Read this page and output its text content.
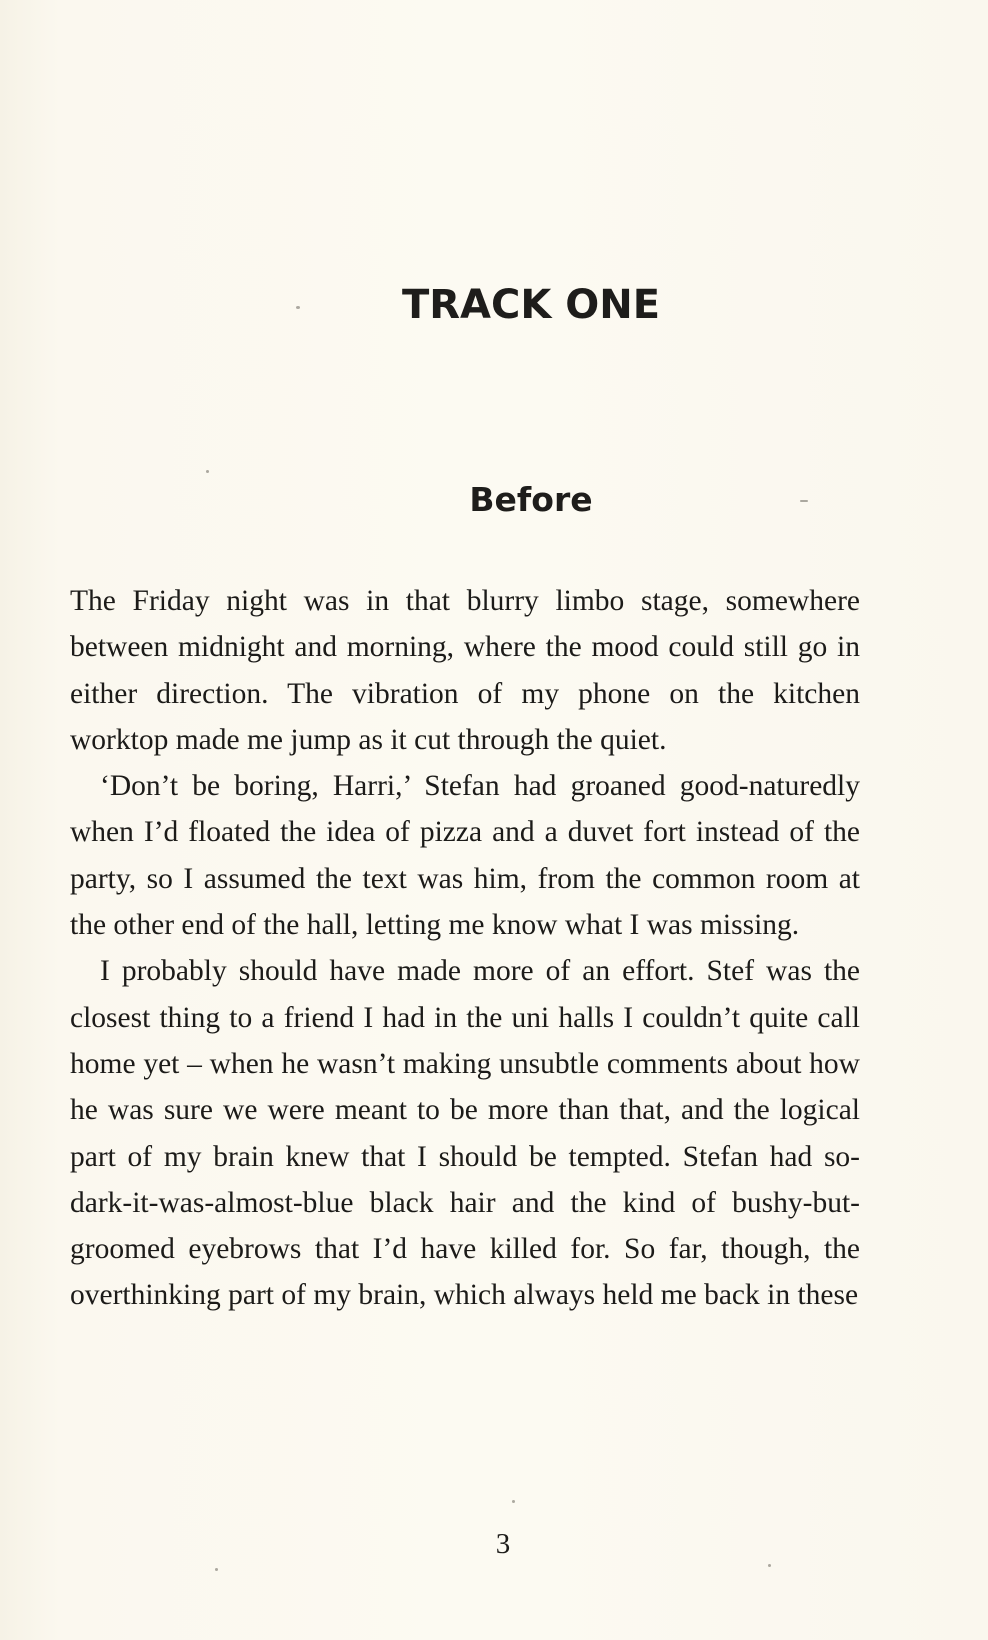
TRACK ONE
Before

The Friday night was in that blurry limbo stage, somewhere between midnight and morning, where the mood could still go in either direction. The vibration of my phone on the kitchen worktop made me jump as it cut through the quiet.

‘Don’t be boring, Harri,’ Stefan had groaned good-naturedly when I’d floated the idea of pizza and a duvet fort instead of the party, so I assumed the text was him, from the common room at the other end of the hall, letting me know what I was missing.

I probably should have made more of an effort. Stef was the closest thing to a friend I had in the uni halls I couldn’t quite call home yet – when he wasn’t making unsubtle comments about how he was sure we were meant to be more than that, and the logical part of my brain knew that I should be tempted. Stefan had so-dark-it-was-almost-blue black hair and the kind of bushy-but-groomed eyebrows that I’d have killed for. So far, though, the overthinking part of my brain, which always held me back in these

3
